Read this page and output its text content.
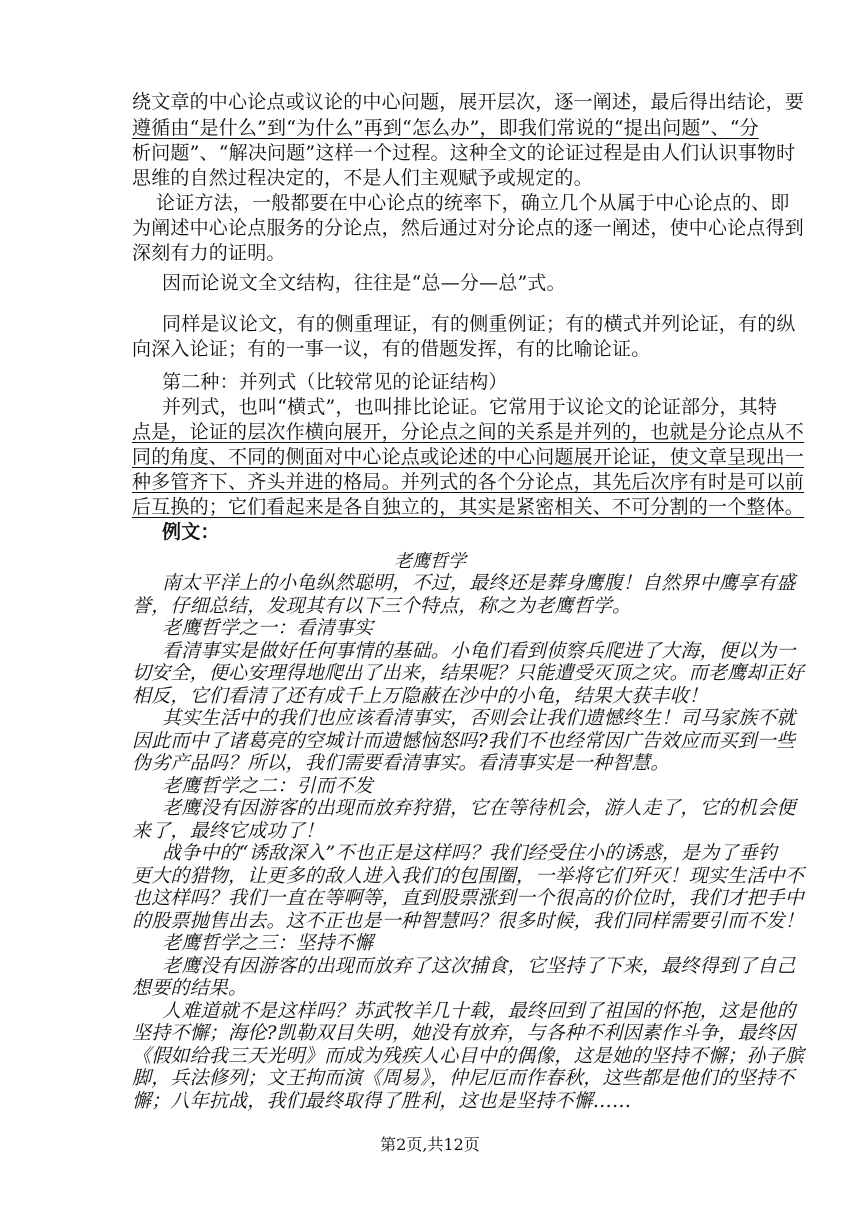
绕文章的中心论点或议论的中心问题，展开层次，逐一阐述，最后得出结论，要
遵循由“是什么”到“为什么”再到“怎么办”，即我们常说的“提出问题”、“分
析问题”、“解决问题”这样一个过程。这种全文的论证过程是由人们认识事物时
思维的自然过程决定的，不是人们主观赋予或规定的。
论证方法，一般都要在中心论点的统率下，确立几个从属于中心论点的、即
为阐述中心论点服务的分论点，然后通过对分论点的逐一阐述，使中心论点得到
深刻有力的证明。
因而论说文全文结构，往往是“总—分—总”式。
同样是议论文，有的侧重理证，有的侧重例证；有的横式并列论证，有的纵
向深入论证；有的一事一议，有的借题发挥，有的比喻论证。
第二种：并列式（比较常见的论证结构）
并列式，也叫“横式”，也叫排比论证。它常用于议论文的论证部分，其特
点是，论证的层次作横向展开，分论点之间的关系是并列的，也就是分论点从不
同的角度、不同的侧面对中心论点或论述的中心问题展开论证，使文章呈现出一
种多管齐下、齐头并进的格局。并列式的各个分论点，其先后次序有时是可以前
后互换的；它们看起来是各自独立的，其实是紧密相关、不可分割的一个整体。
例文：
老鹰哲学
南太平洋上的小龟纵然聪明，不过，最终还是葬身鹰腹！自然界中鹰享有盛
誉，仔细总结，发现其有以下三个特点，称之为老鹰哲学。
老鹰哲学之一：看清事实
看清事实是做好任何事情的基础。小龟们看到侦察兵爬进了大海，便以为一
切安全，便心安理得地爬出了出来，结果呢？只能遭受灭顶之灾。而老鹰却正好
相反，它们看清了还有成千上万隐蔽在沙中的小龟，结果大获丰收！
其实生活中的我们也应该看清事实，否则会让我们遗憾终生！司马家族不就
因此而中了诸葛亮的空城计而遗憾恼怒吗?我们不也经常因广告效应而买到一些
伪劣产品吗？所以，我们需要看清事实。看清事实是一种智慧。
老鹰哲学之二：引而不发
老鹰没有因游客的出现而放弃狩猎，它在等待机会，游人走了，它的机会便
来了，最终它成功了！
战争中的“诱敌深入”不也正是这样吗？我们经受住小的诱惑，是为了垂钓
更大的猎物，让更多的敌人进入我们的包围圈，一举将它们歼灭！现实生活中不
也这样吗？我们一直在等啊等，直到股票涨到一个很高的价位时，我们才把手中
的股票抛售出去。这不正也是一种智慧吗？很多时候，我们同样需要引而不发！
老鹰哲学之三：坚持不懈
老鹰没有因游客的出现而放弃了这次捕食，它坚持了下来，最终得到了自己
想要的结果。
人难道就不是这样吗？苏武牧羊几十载，最终回到了祖国的怀抱，这是他的
坚持不懈；海伦?凯勒双目失明，她没有放弃，与各种不利因素作斗争，最终因
《假如给我三天光明》而成为残疾人心目中的偶像，这是她的坚持不懈；孙子膑
第2页,共12页
脚，兵法修列；文王拘而演《周易》，仲尼厄而作春秋，这些都是他们的坚持不
懈；八年抗战，我们最终取得了胜利，这也是坚持不懈……
